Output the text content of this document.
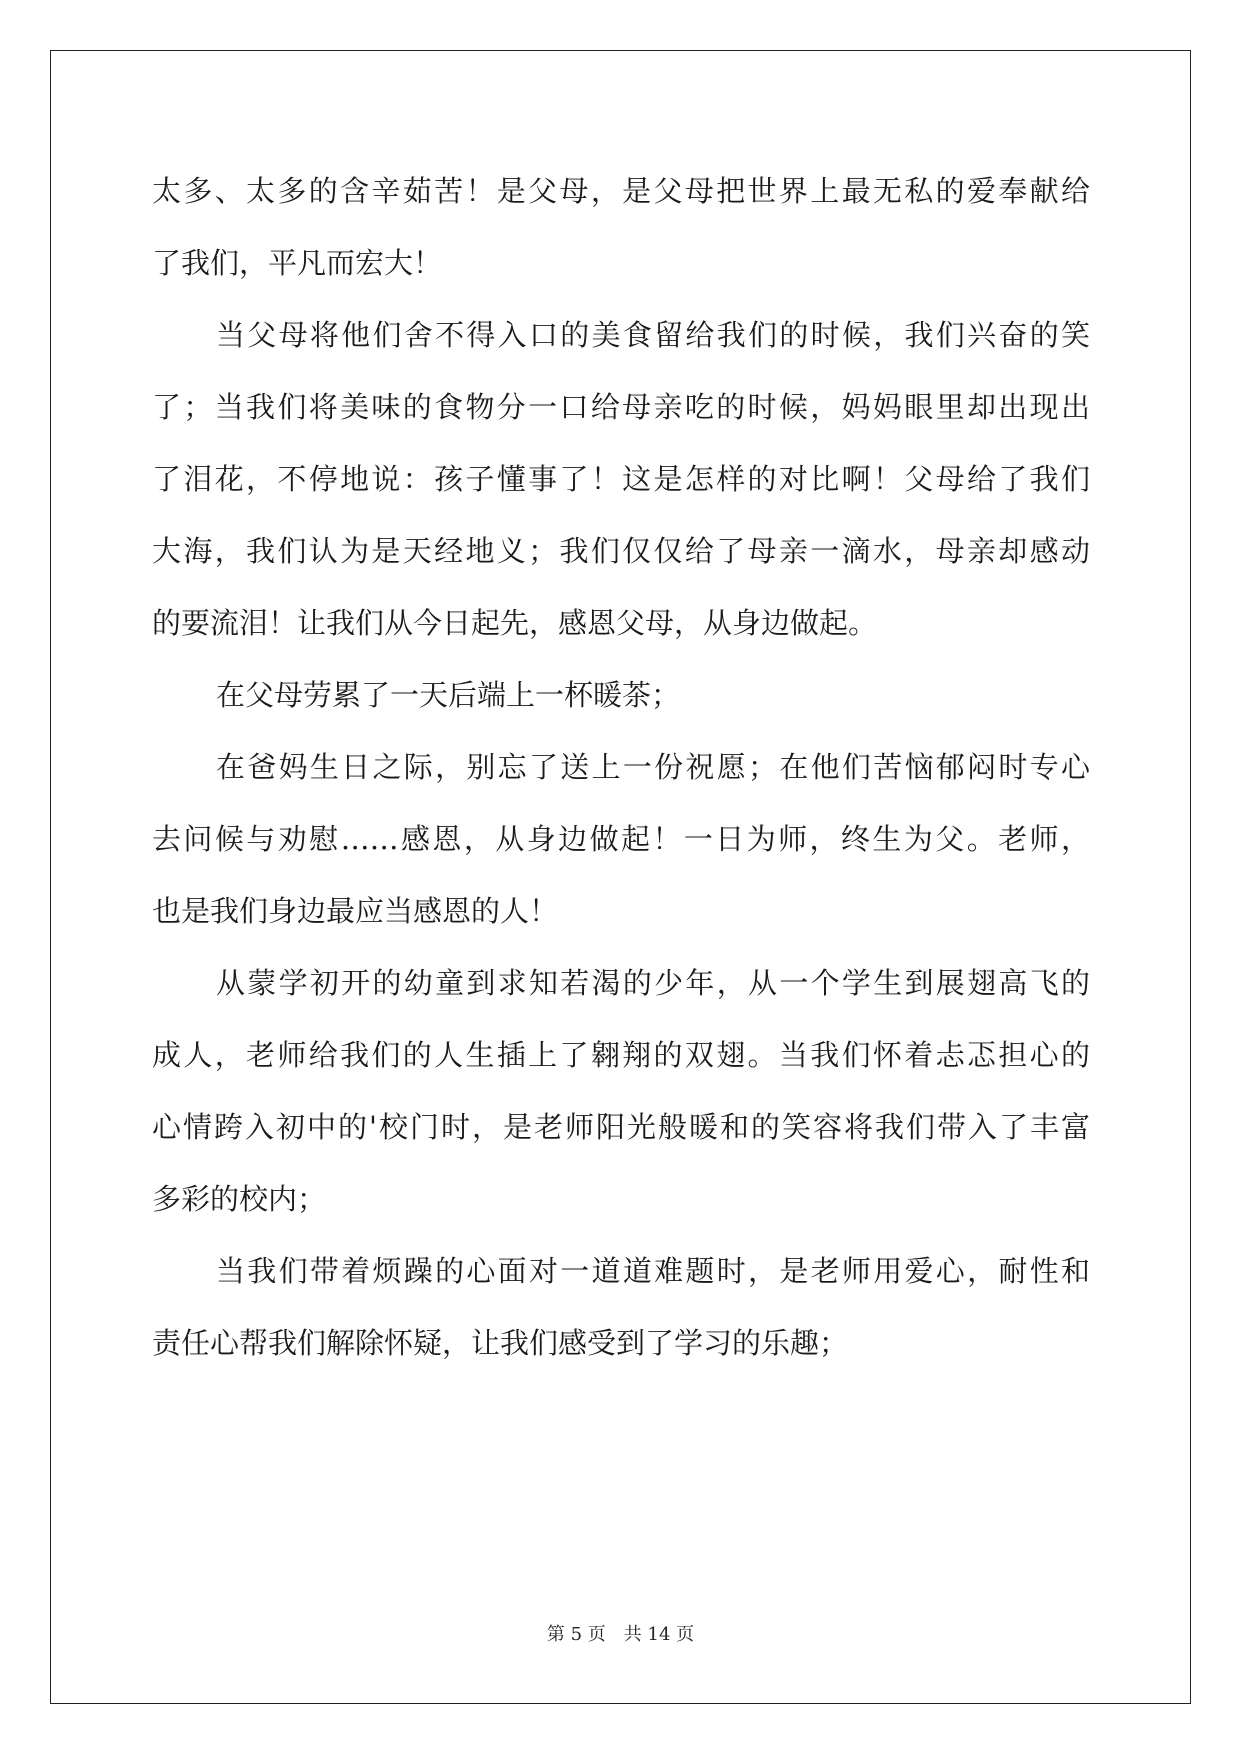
太多、太多的含辛茹苦！是父母，是父母把世界上最无私的爱奉献给
了我们，平凡而宏大！
当父母将他们舍不得入口的美食留给我们的时候，我们兴奋的笑
了；当我们将美味的食物分一口给母亲吃的时候，妈妈眼里却出现出
了泪花，不停地说：孩子懂事了！这是怎样的对比啊！父母给了我们
大海，我们认为是天经地义；我们仅仅给了母亲一滴水，母亲却感动
的要流泪！让我们从今日起先，感恩父母，从身边做起。
在父母劳累了一天后端上一杯暖茶；
在爸妈生日之际，别忘了送上一份祝愿；在他们苦恼郁闷时专心
去问候与劝慰……感恩，从身边做起！一日为师，终生为父。老师，
也是我们身边最应当感恩的人！
从蒙学初开的幼童到求知若渴的少年，从一个学生到展翅高飞的
成人，老师给我们的人生插上了翱翔的双翅。当我们怀着忐忑担心的
心情跨入初中的'校门时，是老师阳光般暖和的笑容将我们带入了丰富
多彩的校内；
当我们带着烦躁的心面对一道道难题时，是老师用爱心，耐性和
责任心帮我们解除怀疑，让我们感受到了学习的乐趣；
第 5 页　共 14 页
